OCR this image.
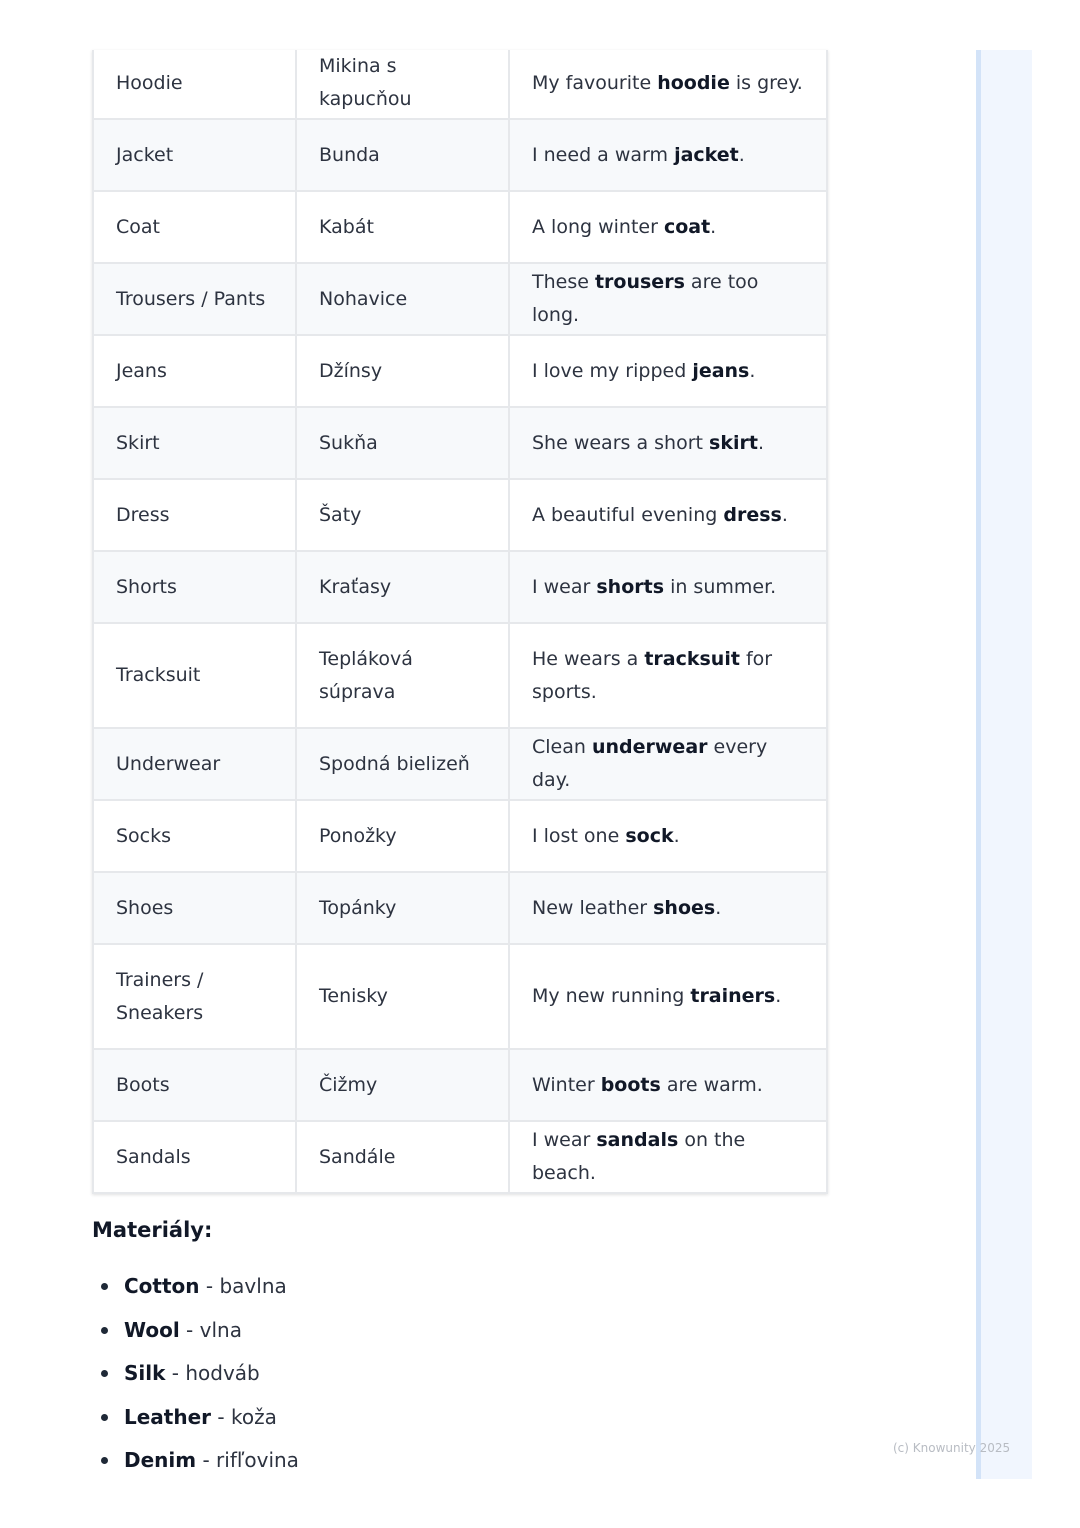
Hoodie	Mikina s kapucňou	My favourite hoodie is grey.
Jacket	Bunda	I need a warm jacket.
Coat	Kabát	A long winter coat.
Trousers / Pants	Nohavice	These trousers are too long.
Jeans	Džínsy	I love my ripped jeans.
Skirt	Sukňa	She wears a short skirt.
Dress	Šaty	A beautiful evening dress.
Shorts	Kraťasy	I wear shorts in summer.
Tracksuit	Tepláková súprava	He wears a tracksuit for sports.
Underwear	Spodná bielizeň	Clean underwear every day.
Socks	Ponožky	I lost one sock.
Shoes	Topánky	New leather shoes.
Trainers / Sneakers	Tenisky	My new running trainers.
Boots	Čižmy	Winter boots are warm.
Sandals	Sandále	I wear sandals on the beach.
Materiály:
Cotton - bavlna
Wool - vlna
Silk - hodváb
Leather - koža
Denim - rifľovina	(c) Knowunity 2025
